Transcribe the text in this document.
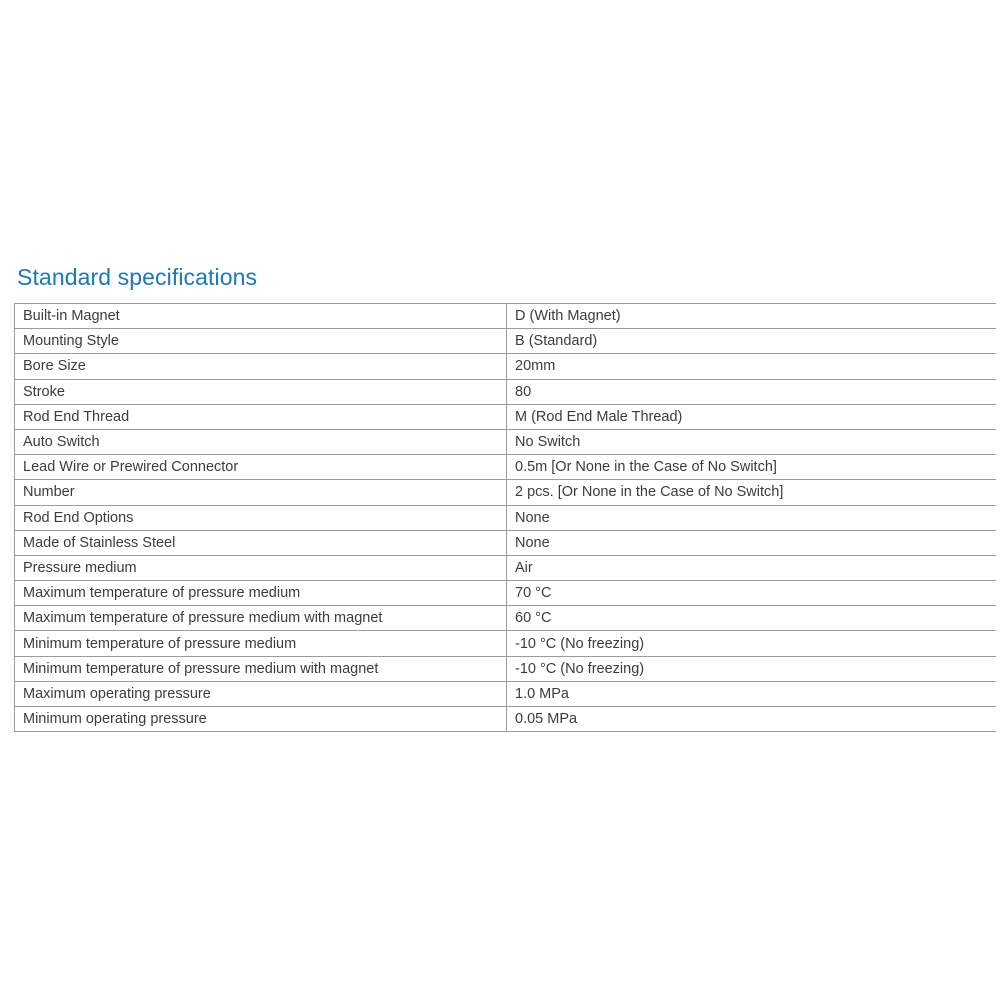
Standard specifications
Built-in Magnet	D (With Magnet)
Mounting Style	B (Standard)
Bore Size	20mm
Stroke	80
Rod End Thread	M (Rod End Male Thread)
Auto Switch	No Switch
Lead Wire or Prewired Connector	0.5m [Or None in the Case of No Switch]
Number	2 pcs. [Or None in the Case of No Switch]
Rod End Options	None
Made of Stainless Steel	None
Pressure medium	Air
Maximum temperature of pressure medium	70 °C
Maximum temperature of pressure medium with magnet	60 °C
Minimum temperature of pressure medium	-10 °C (No freezing)
Minimum temperature of pressure medium with magnet	-10 °C (No freezing)
Maximum operating pressure	1.0 MPa
Minimum operating pressure	0.05 MPa
